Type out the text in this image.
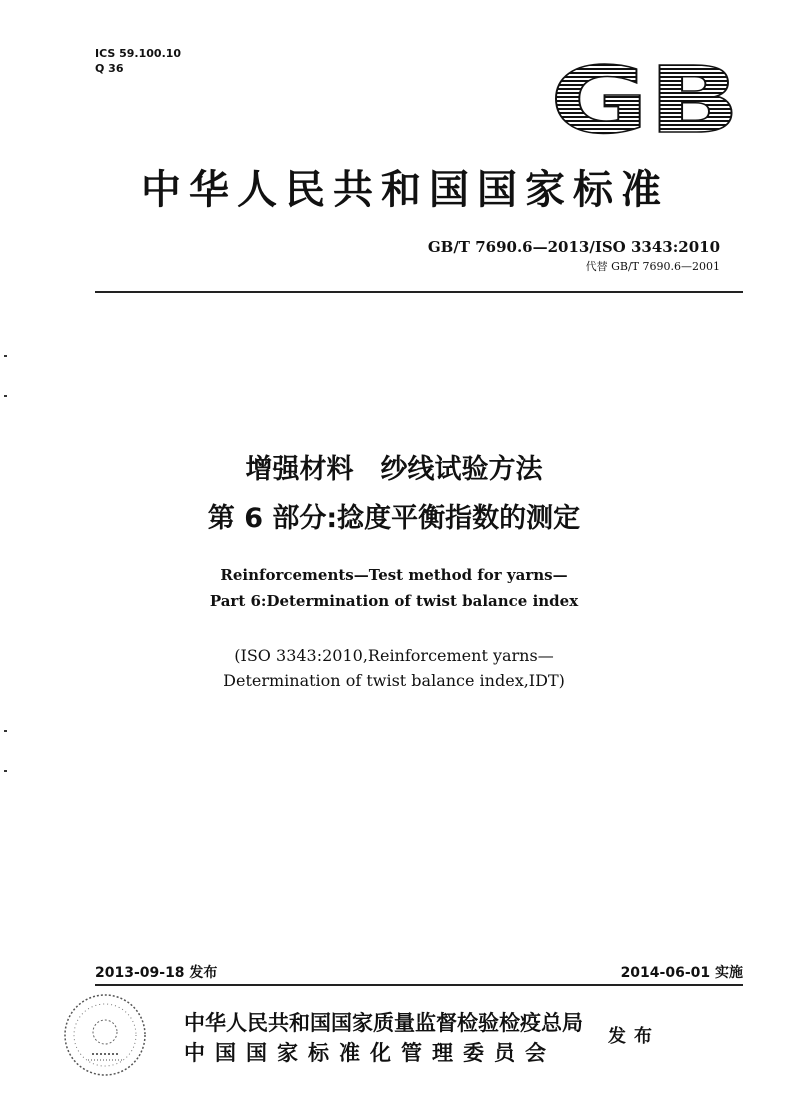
ICS 59.100.10
Q 36	GB
中华人民共和国国家标准
GB/T 7690.6—2013/ISO 3343:2010
代替 GB/T 7690.6—2001
增强材料　纱线试验方法
第 6 部分:捻度平衡指数的测定
Reinforcements—Test method for yarns—
Part 6:Determination of twist balance index
(ISO 3343:2010,Reinforcement yarns—
Determination of twist balance index,IDT)
2013-09-18 发布	2014-06-01 实施
中华人民共和国国家质量监督检验检疫总局
中国国家标准化管理委员会
发布
